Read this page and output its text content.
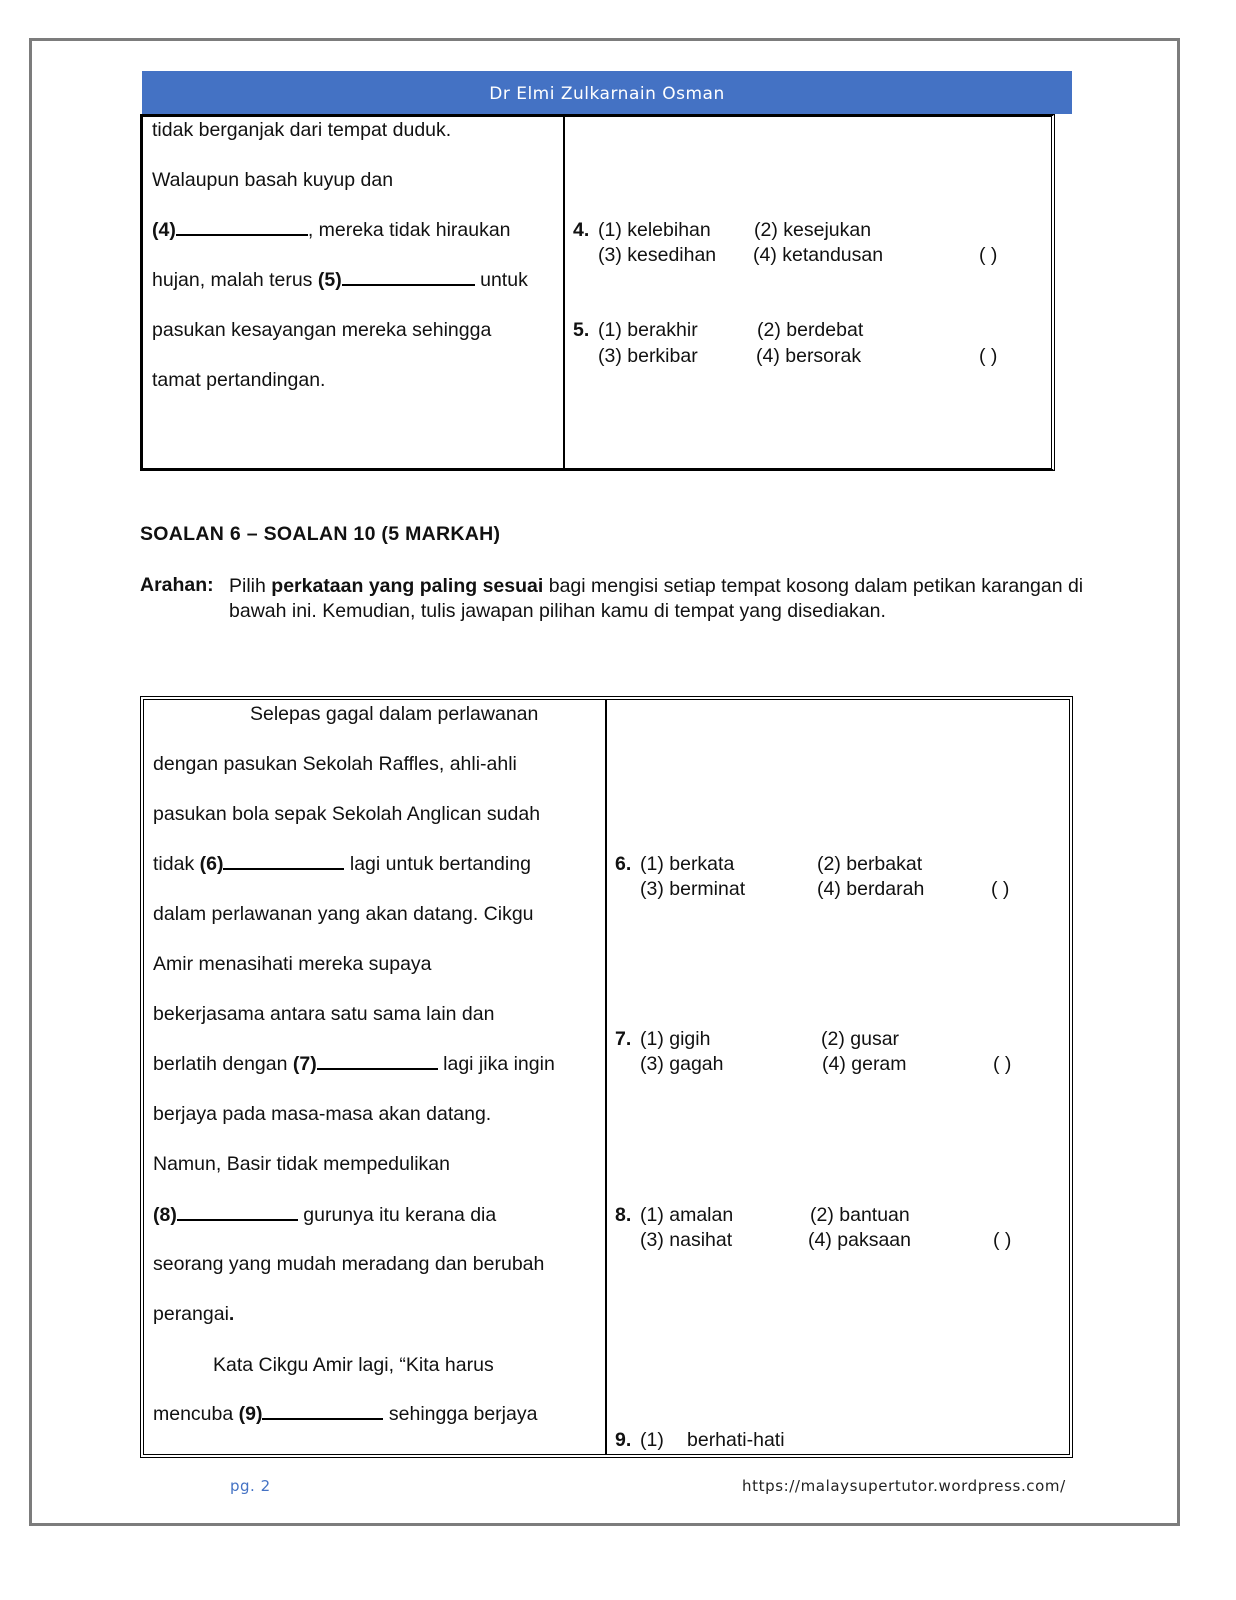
Dr Elmi Zulkarnain Osman
tidak berganjak dari tempat duduk.
Walaupun basah kuyup dan
(4)	, mereka tidak hiraukan
hujan, malah terus (5)	untuk
pasukan kesayangan mereka sehingga
tamat pertandingan.
4. (1) kelebihan (2) kesejukan
(3) kesedihan (4) ketandusan	( )
5. (1) berakhir	(2) berdebat
(3) berkibar	(4) bersorak	( )
SOALAN 6 – SOALAN 10 (5 MARKAH)
Arahan: Pilih perkataan yang paling sesuai bagi mengisi setiap tempat kosong dalam petikan karangan di bawah ini. Kemudian, tulis jawapan pilihan kamu di tempat yang disediakan.
Selepas gagal dalam perlawanan
dengan pasukan Sekolah Raffles, ahli-ahli
pasukan bola sepak Sekolah Anglican sudah
tidak (6)	lagi untuk bertanding
dalam perlawanan yang akan datang. Cikgu
Amir menasihati mereka supaya
bekerjasama antara satu sama lain dan
berlatih dengan (7)	lagi jika ingin
berjaya pada masa-masa akan datang.
Namun, Basir tidak mempedulikan
(8)	gurunya itu kerana dia
seorang yang mudah meradang dan berubah
perangai.
Kata Cikgu Amir lagi, “Kita harus
mencuba (9)	sehingga berjaya
6. (1) berkata	(2) berbakat
(3) berminat	(4) berdarah	( )
7. (1) gigih	(2) gusar
(3) gagah	(4) geram	( )
8. (1) amalan	(2) bantuan
(3) nasihat	(4) paksaan	( )
9. (1) berhati-hati
pg. 2	https://malaysupertutor.wordpress.com/
